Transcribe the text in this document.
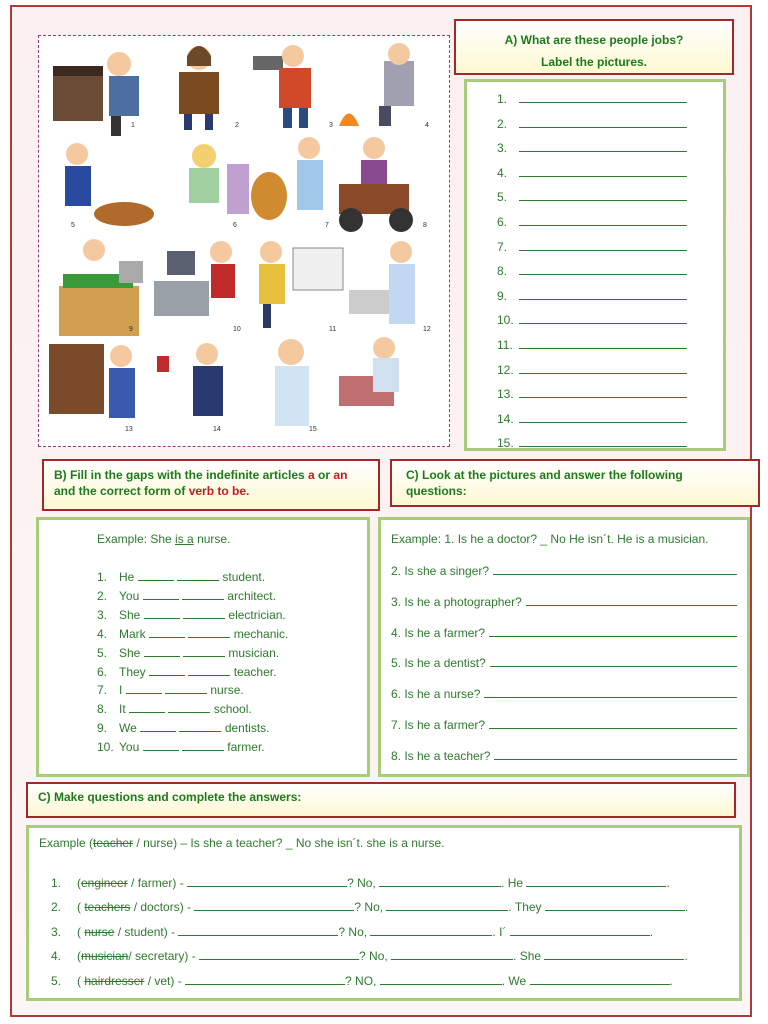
1	2	3	4
5	6	7	8
9	10	11	12
13	14	15
A) What are these people jobs?
Label the pictures.
1.
2.
3.
4.
5.
6.
7.
8.
9.
10.
11.
12.
13.
14.
15.
B) Fill in the gaps with the indefinite articles a or an
and the correct form of verb to be.
C) Look at the pictures and answer the following questions:
Example: She is a nurse.
1. He	student.
2. You	architect.
3. She	electrician.
4. Mark	mechanic.
5. She	musician.
6. They	teacher.
7. I	nurse.
8. It	school.
9. We	dentists.
10. You	farmer.
Example: 1. Is he a doctor? _ No He isn´t. He is a musician.
2. Is she a singer?
3. Is he a photographer?
4. Is he a farmer?
5. Is he a dentist?
6. Is he a nurse?
7. Is he a farmer?
8. Is he a teacher?
C) Make questions and complete the answers:
Example (teacher / nurse) – Is she a teacher? _ No she isn´t. she is a nurse.
1. (engineer / farmer) -	? No,	. He	.
2. ( teachers / doctors) -	? No,	. They	.
3. ( nurse / student) -	? No,	. I´	.
4. (musician/ secretary) -	? No,	. She	.
5. ( hairdresser / vet) -	? NO,	. We	.
